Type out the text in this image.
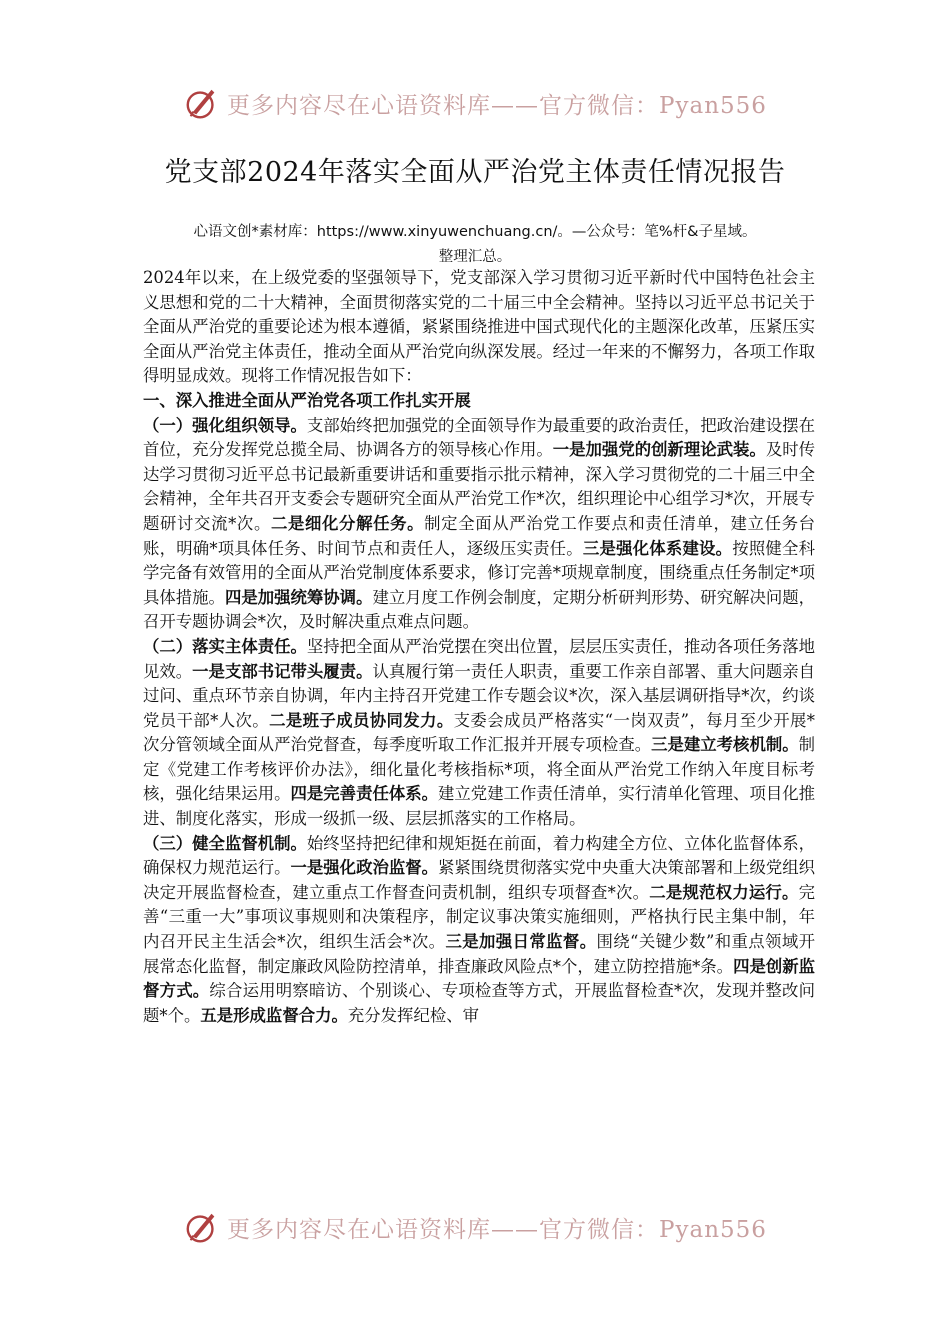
更多内容尽在心语资料库——官方微信：Pyan556
党支部2024年落实全面从严治党主体责任情况报告
心语文创*素材库：https://www.xinyuwenchuang.cn/。—公众号：笔%杆&子星域。
整理汇总。

2024年以来，在上级党委的坚强领导下，党支部深入学习贯彻习近平新时代中国特色社会主义思想和党的二十大精神，全面贯彻落实党的二十届三中全会精神。坚持以习近平总书记关于全面从严治党的重要论述为根本遵循，紧紧围绕推进中国式现代化的主题深化改革，压紧压实全面从严治党主体责任，推动全面从严治党向纵深发展。经过一年来的不懈努力，各项工作取得明显成效。现将工作情况报告如下：

一、深入推进全面从严治党各项工作扎实开展

（一）强化组织领导。支部始终把加强党的全面领导作为最重要的政治责任，把政治建设摆在首位，充分发挥党总揽全局、协调各方的领导核心作用。一是加强党的创新理论武装。及时传达学习贯彻习近平总书记最新重要讲话和重要指示批示精神，深入学习贯彻党的二十届三中全会精神，全年共召开支委会专题研究全面从严治党工作*次，组织理论中心组学习*次，开展专题研讨交流*次。二是细化分解任务。制定全面从严治党工作要点和责任清单，建立任务台账，明确*项具体任务、时间节点和责任人，逐级压实责任。三是强化体系建设。按照健全科学完备有效管用的全面从严治党制度体系要求，修订完善*项规章制度，围绕重点任务制定*项具体措施。四是加强统筹协调。建立月度工作例会制度，定期分析研判形势、研究解决问题，召开专题协调会*次，及时解决重点难点问题。

（二）落实主体责任。坚持把全面从严治党摆在突出位置，层层压实责任，推动各项任务落地见效。一是支部书记带头履责。认真履行第一责任人职责，重要工作亲自部署、重大问题亲自过问、重点环节亲自协调，年内主持召开党建工作专题会议*次，深入基层调研指导*次，约谈党员干部*人次。二是班子成员协同发力。支委会成员严格落实“一岗双责”，每月至少开展*次分管领域全面从严治党督查，每季度听取工作汇报并开展专项检查。三是建立考核机制。制定《党建工作考核评价办法》，细化量化考核指标*项，将全面从严治党工作纳入年度目标考核，强化结果运用。四是完善责任体系。建立党建工作责任清单，实行清单化管理、项目化推进、制度化落实，形成一级抓一级、层层抓落实的工作格局。

（三）健全监督机制。始终坚持把纪律和规矩挺在前面，着力构建全方位、立体化监督体系，确保权力规范运行。一是强化政治监督。紧紧围绕贯彻落实党中央重大决策部署和上级党组织决定开展监督检查，建立重点工作督查问责机制，组织专项督查*次。二是规范权力运行。完善“三重一大”事项议事规则和决策程序，制定议事决策实施细则，严格执行民主集中制，年内召开民主生活会*次，组织生活会*次。三是加强日常监督。围绕“关键少数”和重点领域开展常态化监督，制定廉政风险防控清单，排查廉政风险点*个，建立防控措施*条。四是创新监督方式。综合运用明察暗访、个别谈心、专项检查等方式，开展监督检查*次，发现并整改问题*个。五是形成监督合力。充分发挥纪检、审

更多内容尽在心语资料库——官方微信：Pyan556
